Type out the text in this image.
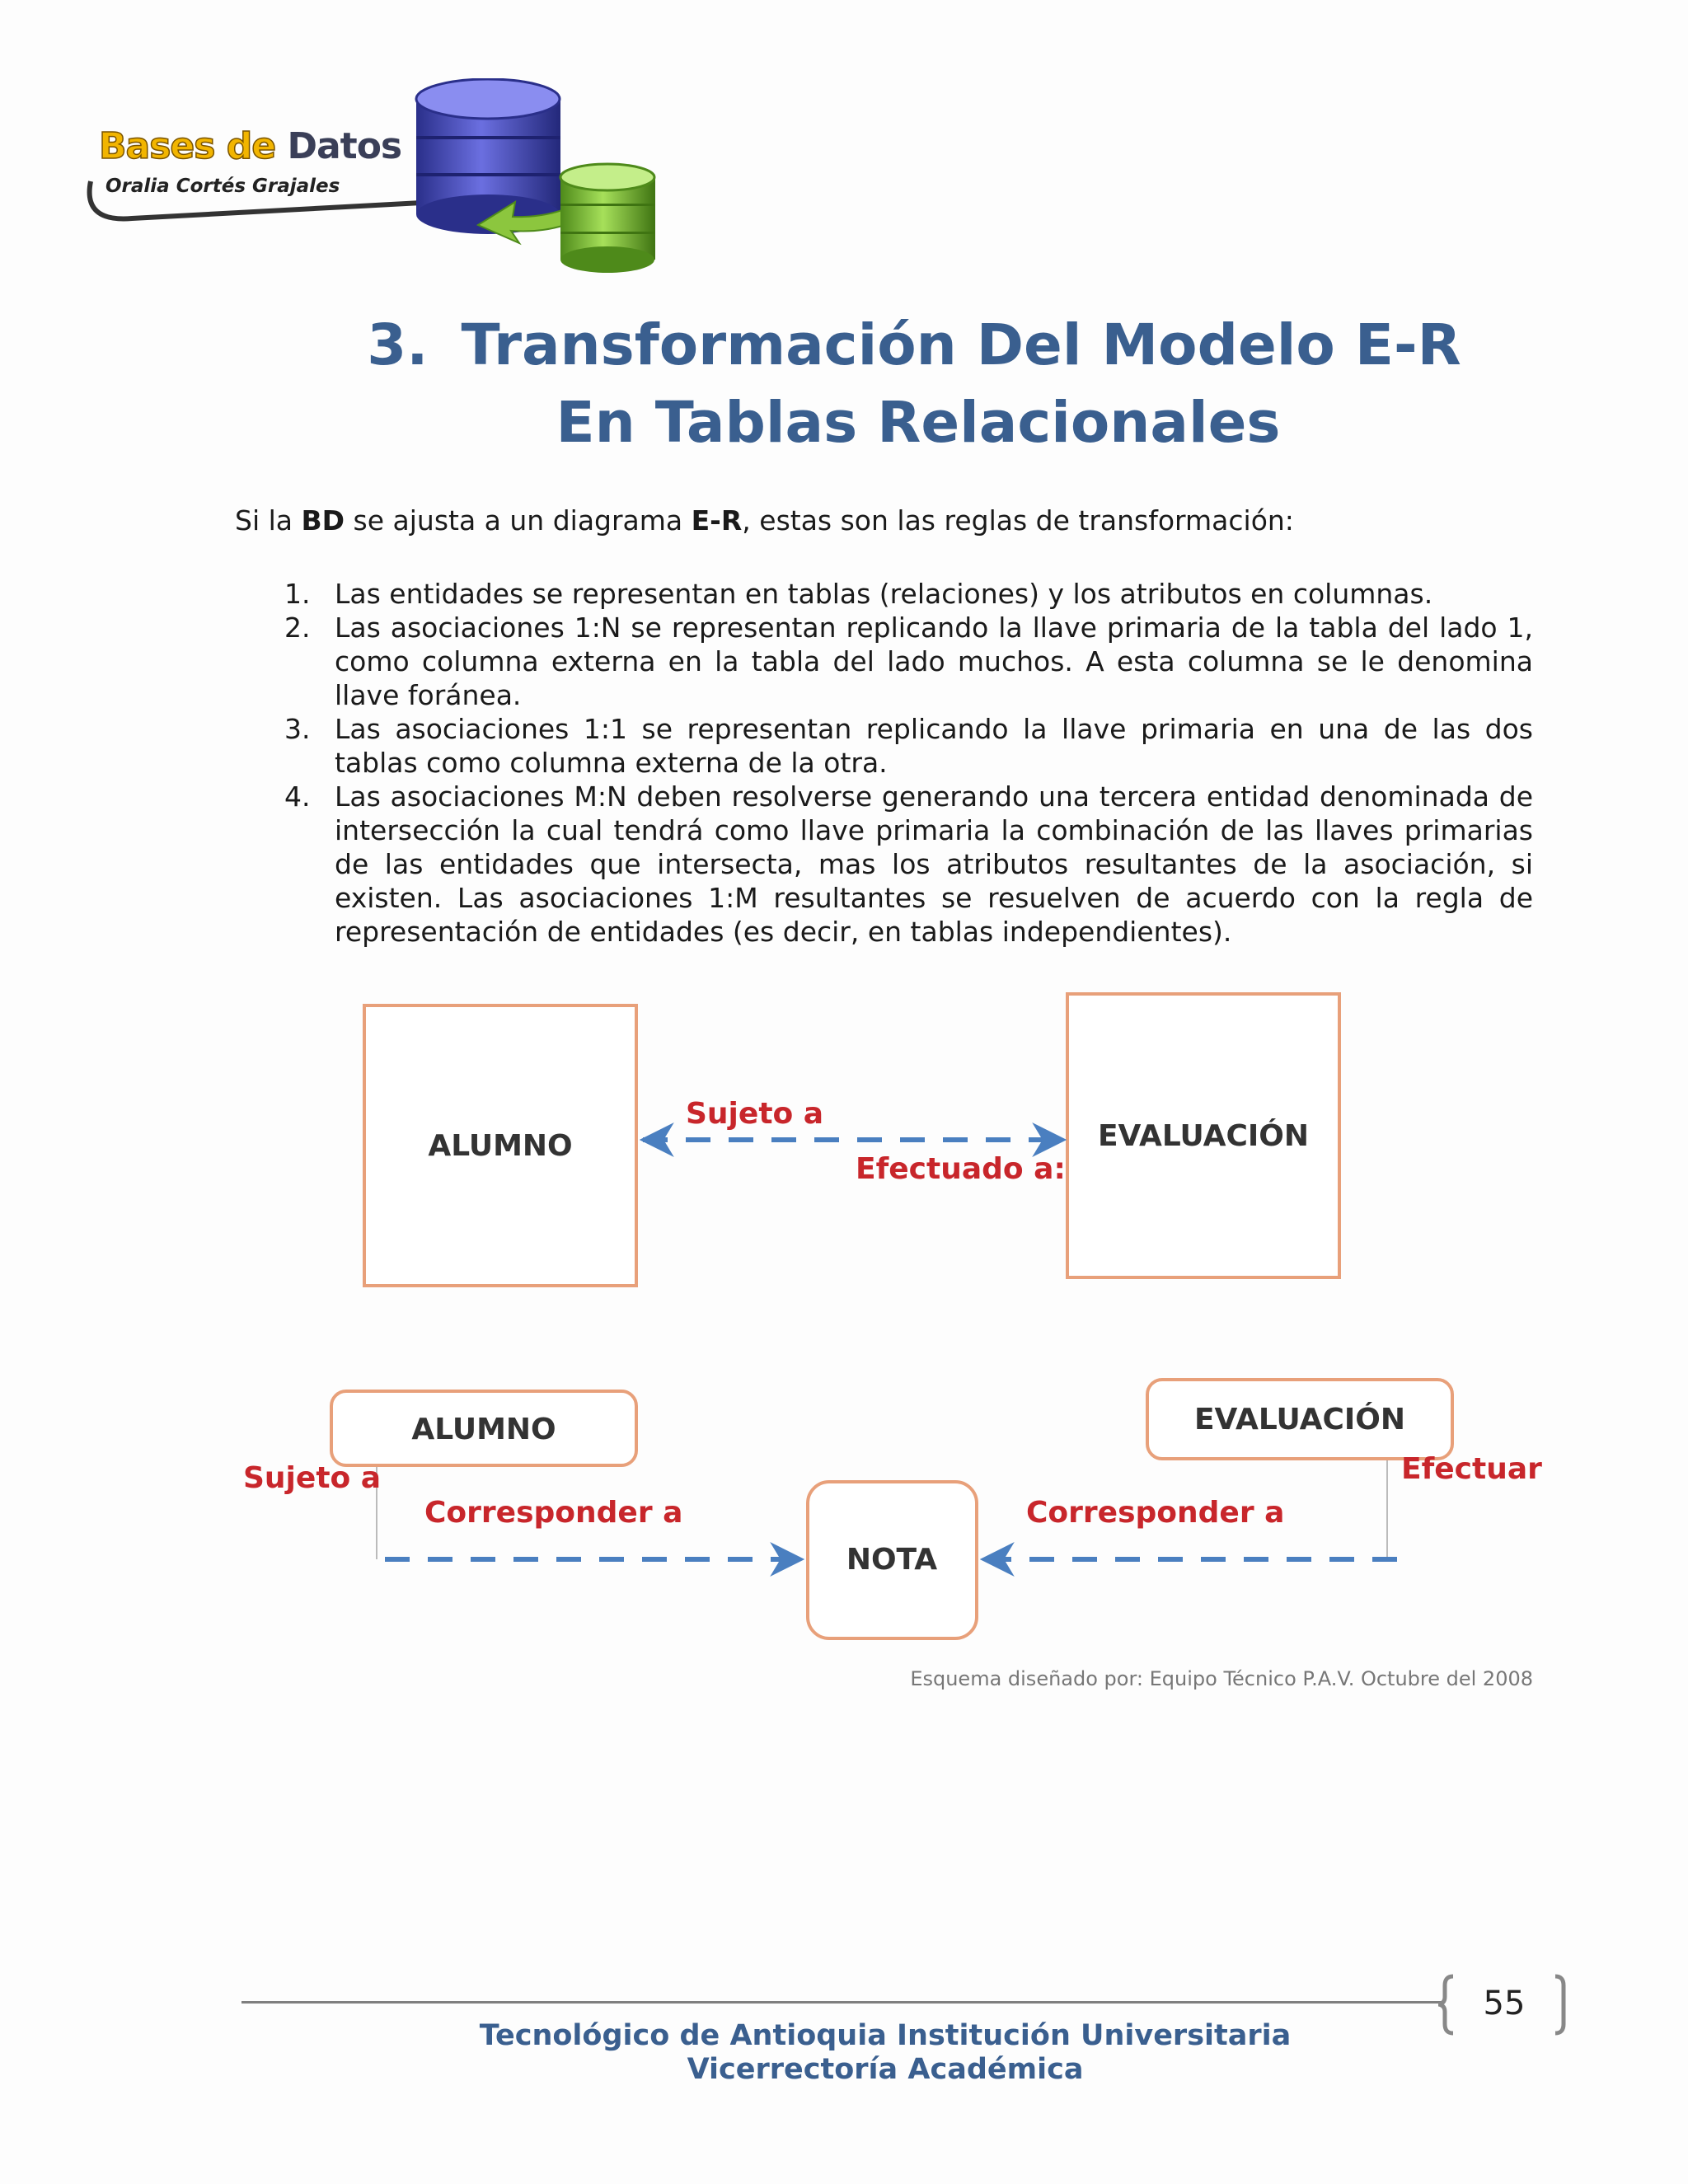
Bases de Datos
Oralia Cortés Grajales
3. Transformación Del Modelo E-R
En Tablas Relacionales
Si la BD se ajusta a un diagrama E-R, estas son las reglas de transformación:
1. Las entidades se representan en tablas (relaciones) y los atributos en columnas.
2. Las asociaciones 1:N se representan replicando la llave primaria de la tabla del lado 1, como columna externa en la tabla del lado muchos. A esta columna se le denomina llave foránea.
3. Las asociaciones 1:1 se representan replicando la llave primaria en una de las dos tablas como columna externa de la otra.
4. Las asociaciones M:N deben resolverse generando una tercera entidad denominada de intersección la cual tendrá como llave primaria la combinación de las llaves primarias de las entidades que intersecta, mas los atributos resultantes de la asociación, si existen. Las asociaciones 1:M resultantes se resuelven de acuerdo con la regla de representación de entidades (es decir, en tablas independientes).
ALUMNO	EVALUACIÓN
Sujeto a
Efectuado a:
ALUMNO	EVALUACIÓN
NOTA
Sujeto a	Efectuar
Corresponder a	Corresponder a
Esquema diseñado por: Equipo Técnico P.A.V. Octubre del 2008
55
Tecnológico de Antioquia Institución Universitaria
Vicerrectoría Académica
